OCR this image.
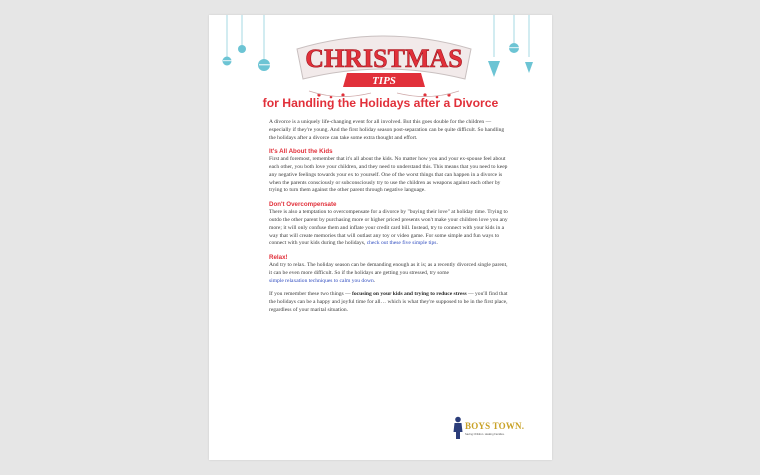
CHRISTMAS
TIPS
for Handling the Holidays after a Divorce

A divorce is a uniquely life-changing event for all involved. But this goes double for the children — especially if they're young. And the first holiday season post-separation can be quite difficult. So handling the holidays after a divorce can take some extra thought and effort.

It's All About the Kids

First and foremost, remember that it's all about the kids. No matter how you and your ex-spouse feel about each other, you both love your children, and they need to understand this. This means that you need to keep any negative feelings towards your ex to yourself. One of the worst things that can happen in a divorce is when the parents consciously or subconsciously try to use the children as weapons against each other by trying to turn them against the other parent through negative language.

Don't Overcompensate

There is also a temptation to overcompensate for a divorce by "buying their love" at holiday time. Trying to outdo the other parent by purchasing more or higher priced presents won't make your children love you any more; it will only confuse them and inflate your credit card bill. Instead, try to connect with your kids in a way that will create memories that will outlast any toy or video game. For some simple and fun ways to connect with your kids during the holidays, check out these five simple tips.

Relax!

And try to relax. The holiday season can be demanding enough as it is; as a recently divorced single parent, it can be even more difficult. So if the holidays are getting you stressed, try some
simple relaxation techniques to calm you down.

If you remember these two things — focusing on your kids and trying to reduce stress — you'll find that the holidays can be a happy and joyful time for all… which is what they're supposed to be in the first place, regardless of your marital situation.

BOYS TOWN.
Saving Children. Healing Families.
